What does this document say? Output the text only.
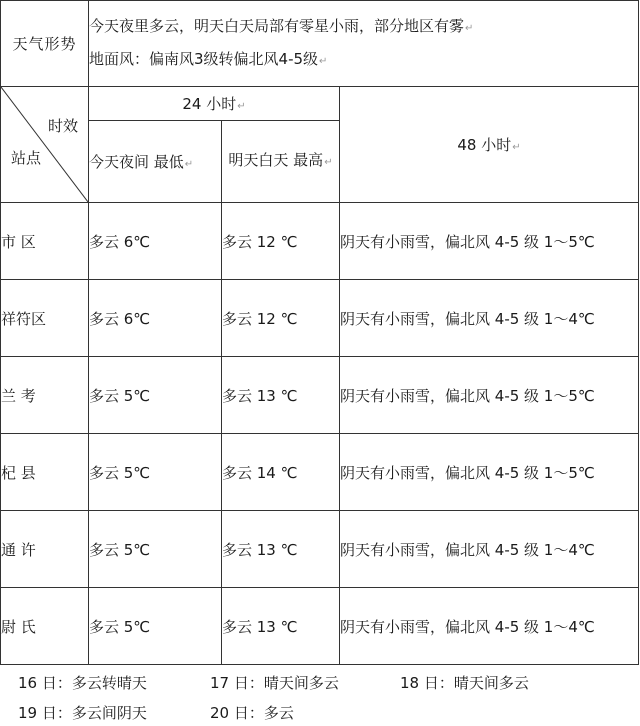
天气形势	今天夜里多云，明天白天局部有零星小雨，部分地区有雾↵
地面风：偏南风3级转偏北风4-5级↵		

时效
站点	24 小时↵		48 小时↵
	今天夜间 最低↵	明天白天 最高↵	
市 区	多云 6℃	多云 12 ℃	阴天有小雨雪，偏北风 4-5 级 1～5℃
祥符区	多云 6℃	多云 12 ℃	阴天有小雨雪，偏北风 4-5 级 1～4℃
兰 考	多云 5℃	多云 13 ℃	阴天有小雨雪，偏北风 4-5 级 1～5℃
杞 县	多云 5℃	多云 14 ℃	阴天有小雨雪，偏北风 4-5 级 1～5℃
通 许	多云 5℃	多云 13 ℃	阴天有小雨雪，偏北风 4-5 级 1～4℃
尉 氏	多云 5℃	多云 13 ℃	阴天有小雨雪，偏北风 4-5 级 1～4℃
16 日：多云转晴天	17 日：晴天间多云	18 日：晴天间多云
19 日：多云间阴天	20 日：多云
